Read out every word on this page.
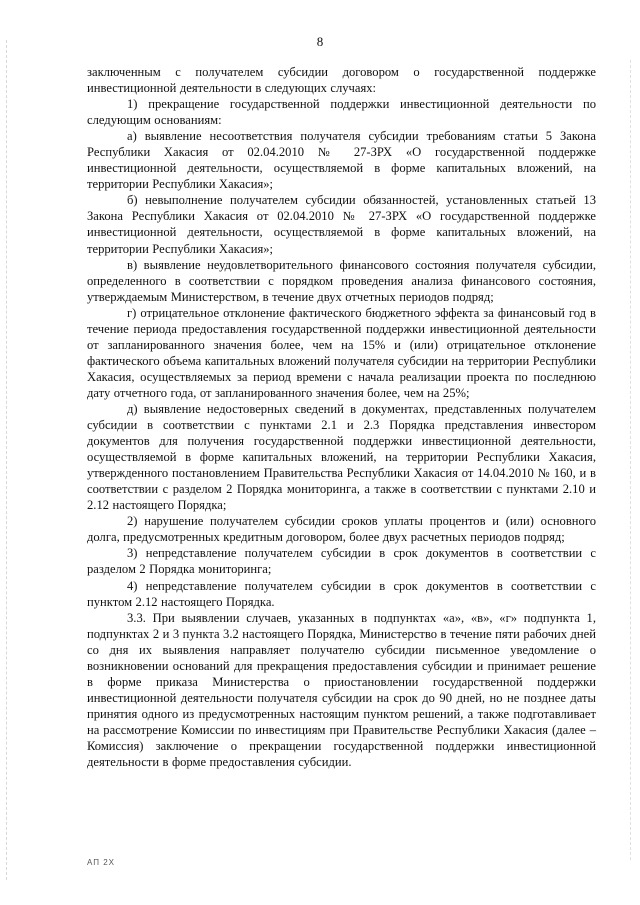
8

заключенным с получателем субсидии договором о государственной поддержке инвестиционной деятельности в следующих случаях:

1) прекращение государственной поддержки инвестиционной деятельности по следующим основаниям:

а) выявление несоответствия получателя субсидии требованиям статьи 5 Закона Республики Хакасия от 02.04.2010 № 27-ЗРХ «О государственной поддержке инвестиционной деятельности, осуществляемой в форме капитальных вложений, на территории Республики Хакасия»;

б) невыполнение получателем субсидии обязанностей, установленных статьей 13 Закона Республики Хакасия от 02.04.2010 № 27-ЗРХ «О государственной поддержке инвестиционной деятельности, осуществляемой в форме капитальных вложений, на территории Республики Хакасия»;

в) выявление неудовлетворительного финансового состояния получателя субсидии, определенного в соответствии с порядком проведения анализа финансового состояния, утверждаемым Министерством, в течение двух отчетных периодов подряд;

г) отрицательное отклонение фактического бюджетного эффекта за финансовый год в течение периода предоставления государственной поддержки инвестиционной деятельности от запланированного значения более, чем на 15% и (или) отрицательное отклонение фактического объема капитальных вложений получателя субсидии на территории Республики Хакасия, осуществляемых за период времени с начала реализации проекта по последнюю дату отчетного года, от запланированного значения более, чем на 25%;

д) выявление недостоверных сведений в документах, представленных получателем субсидии в соответствии с пунктами 2.1 и 2.3 Порядка представления инвестором документов для получения государственной поддержки инвестиционной деятельности, осуществляемой в форме капитальных вложений, на территории Республики Хакасия, утвержденного постановлением Правительства Республики Хакасия от 14.04.2010 № 160, и в соответствии с разделом 2 Порядка мониторинга, а также в соответствии с пунктами 2.10 и 2.12 настоящего Порядка;

2) нарушение получателем субсидии сроков уплаты процентов и (или) основного долга, предусмотренных кредитным договором, более двух расчетных периодов подряд;

3) непредставление получателем субсидии в срок документов в соответствии с разделом 2 Порядка мониторинга;

4) непредставление получателем субсидии в срок документов в соответствии с пунктом 2.12 настоящего Порядка.

3.3. При выявлении случаев, указанных в подпунктах «а», «в», «г» подпункта 1, подпунктах 2 и 3 пункта 3.2 настоящего Порядка, Министерство в течение пяти рабочих дней со дня их выявления направляет получателю субсидии письменное уведомление о возникновении оснований для прекращения предоставления субсидии и принимает решение в форме приказа Министерства о приостановлении государственной поддержки инвестиционной деятельности получателя субсидии на срок до 90 дней, но не позднее даты принятия одного из предусмотренных настоящим пунктом решений, а также подготавливает на рассмотрение Комиссии по инвестициям при Правительстве Республики Хакасия (далее – Комиссия) заключение о прекращении государственной поддержки инвестиционной деятельности в форме предоставления субсидии.

АП 2Х
